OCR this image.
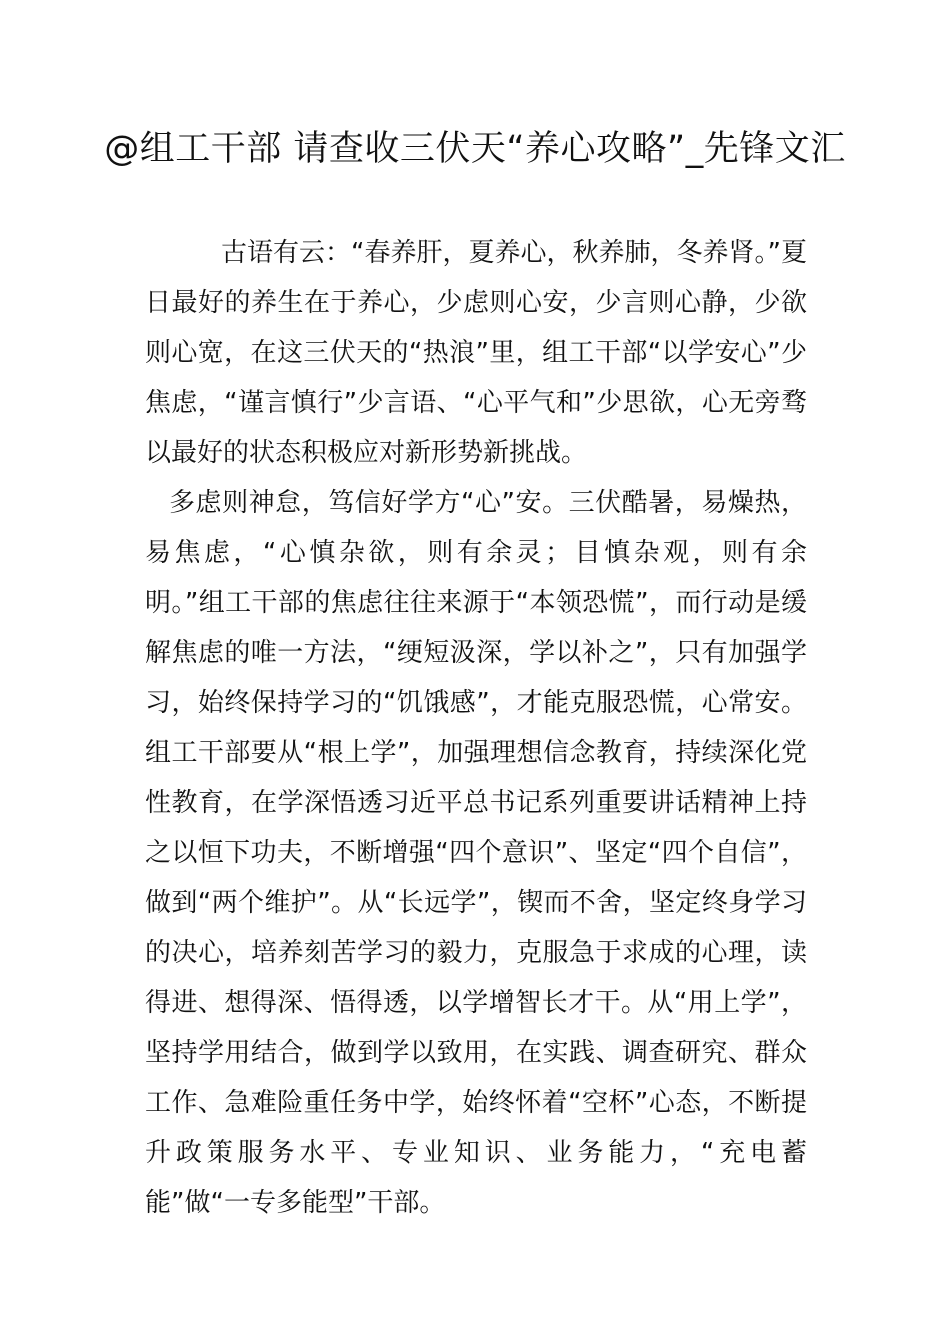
@组工干部 请查收三伏天“养心攻略”_先锋文汇

古语有云：“春养肝，夏养心，秋养肺，冬养肾。”夏日最好的养生在于养心，少虑则心安，少言则心静，少欲则心宽，在这三伏天的“热浪”里，组工干部“以学安心”少焦虑，“谨言慎行”少言语、“心平气和”少思欲，心无旁骛以最好的状态积极应对新形势新挑战。

多虑则神怠，笃信好学方“心”安。三伏酷暑，易燥热，易焦虑，“心慎杂欲，则有余灵；目慎杂观，则有余明。”组工干部的焦虑往往来源于“本领恐慌”，而行动是缓解焦虑的唯一方法，“绠短汲深，学以补之”，只有加强学习，始终保持学习的“饥饿感”，才能克服恐慌，心常安。组工干部要从“根上学”，加强理想信念教育，持续深化党性教育，在学深悟透习近平总书记系列重要讲话精神上持之以恒下功夫，不断增强“四个意识”、坚定“四个自信”，做到“两个维护”。从“长远学”，锲而不舍，坚定终身学习的决心，培养刻苦学习的毅力，克服急于求成的心理，读得进、想得深、悟得透，以学增智长才干。从“用上学”，坚持学用结合，做到学以致用，在实践、调查研究、群众工作、急难险重任务中学，始终怀着“空杯”心态，不断提升政策服务水平、专业知识、业务能力，“充电蓄能”做“一专多能型”干部。
